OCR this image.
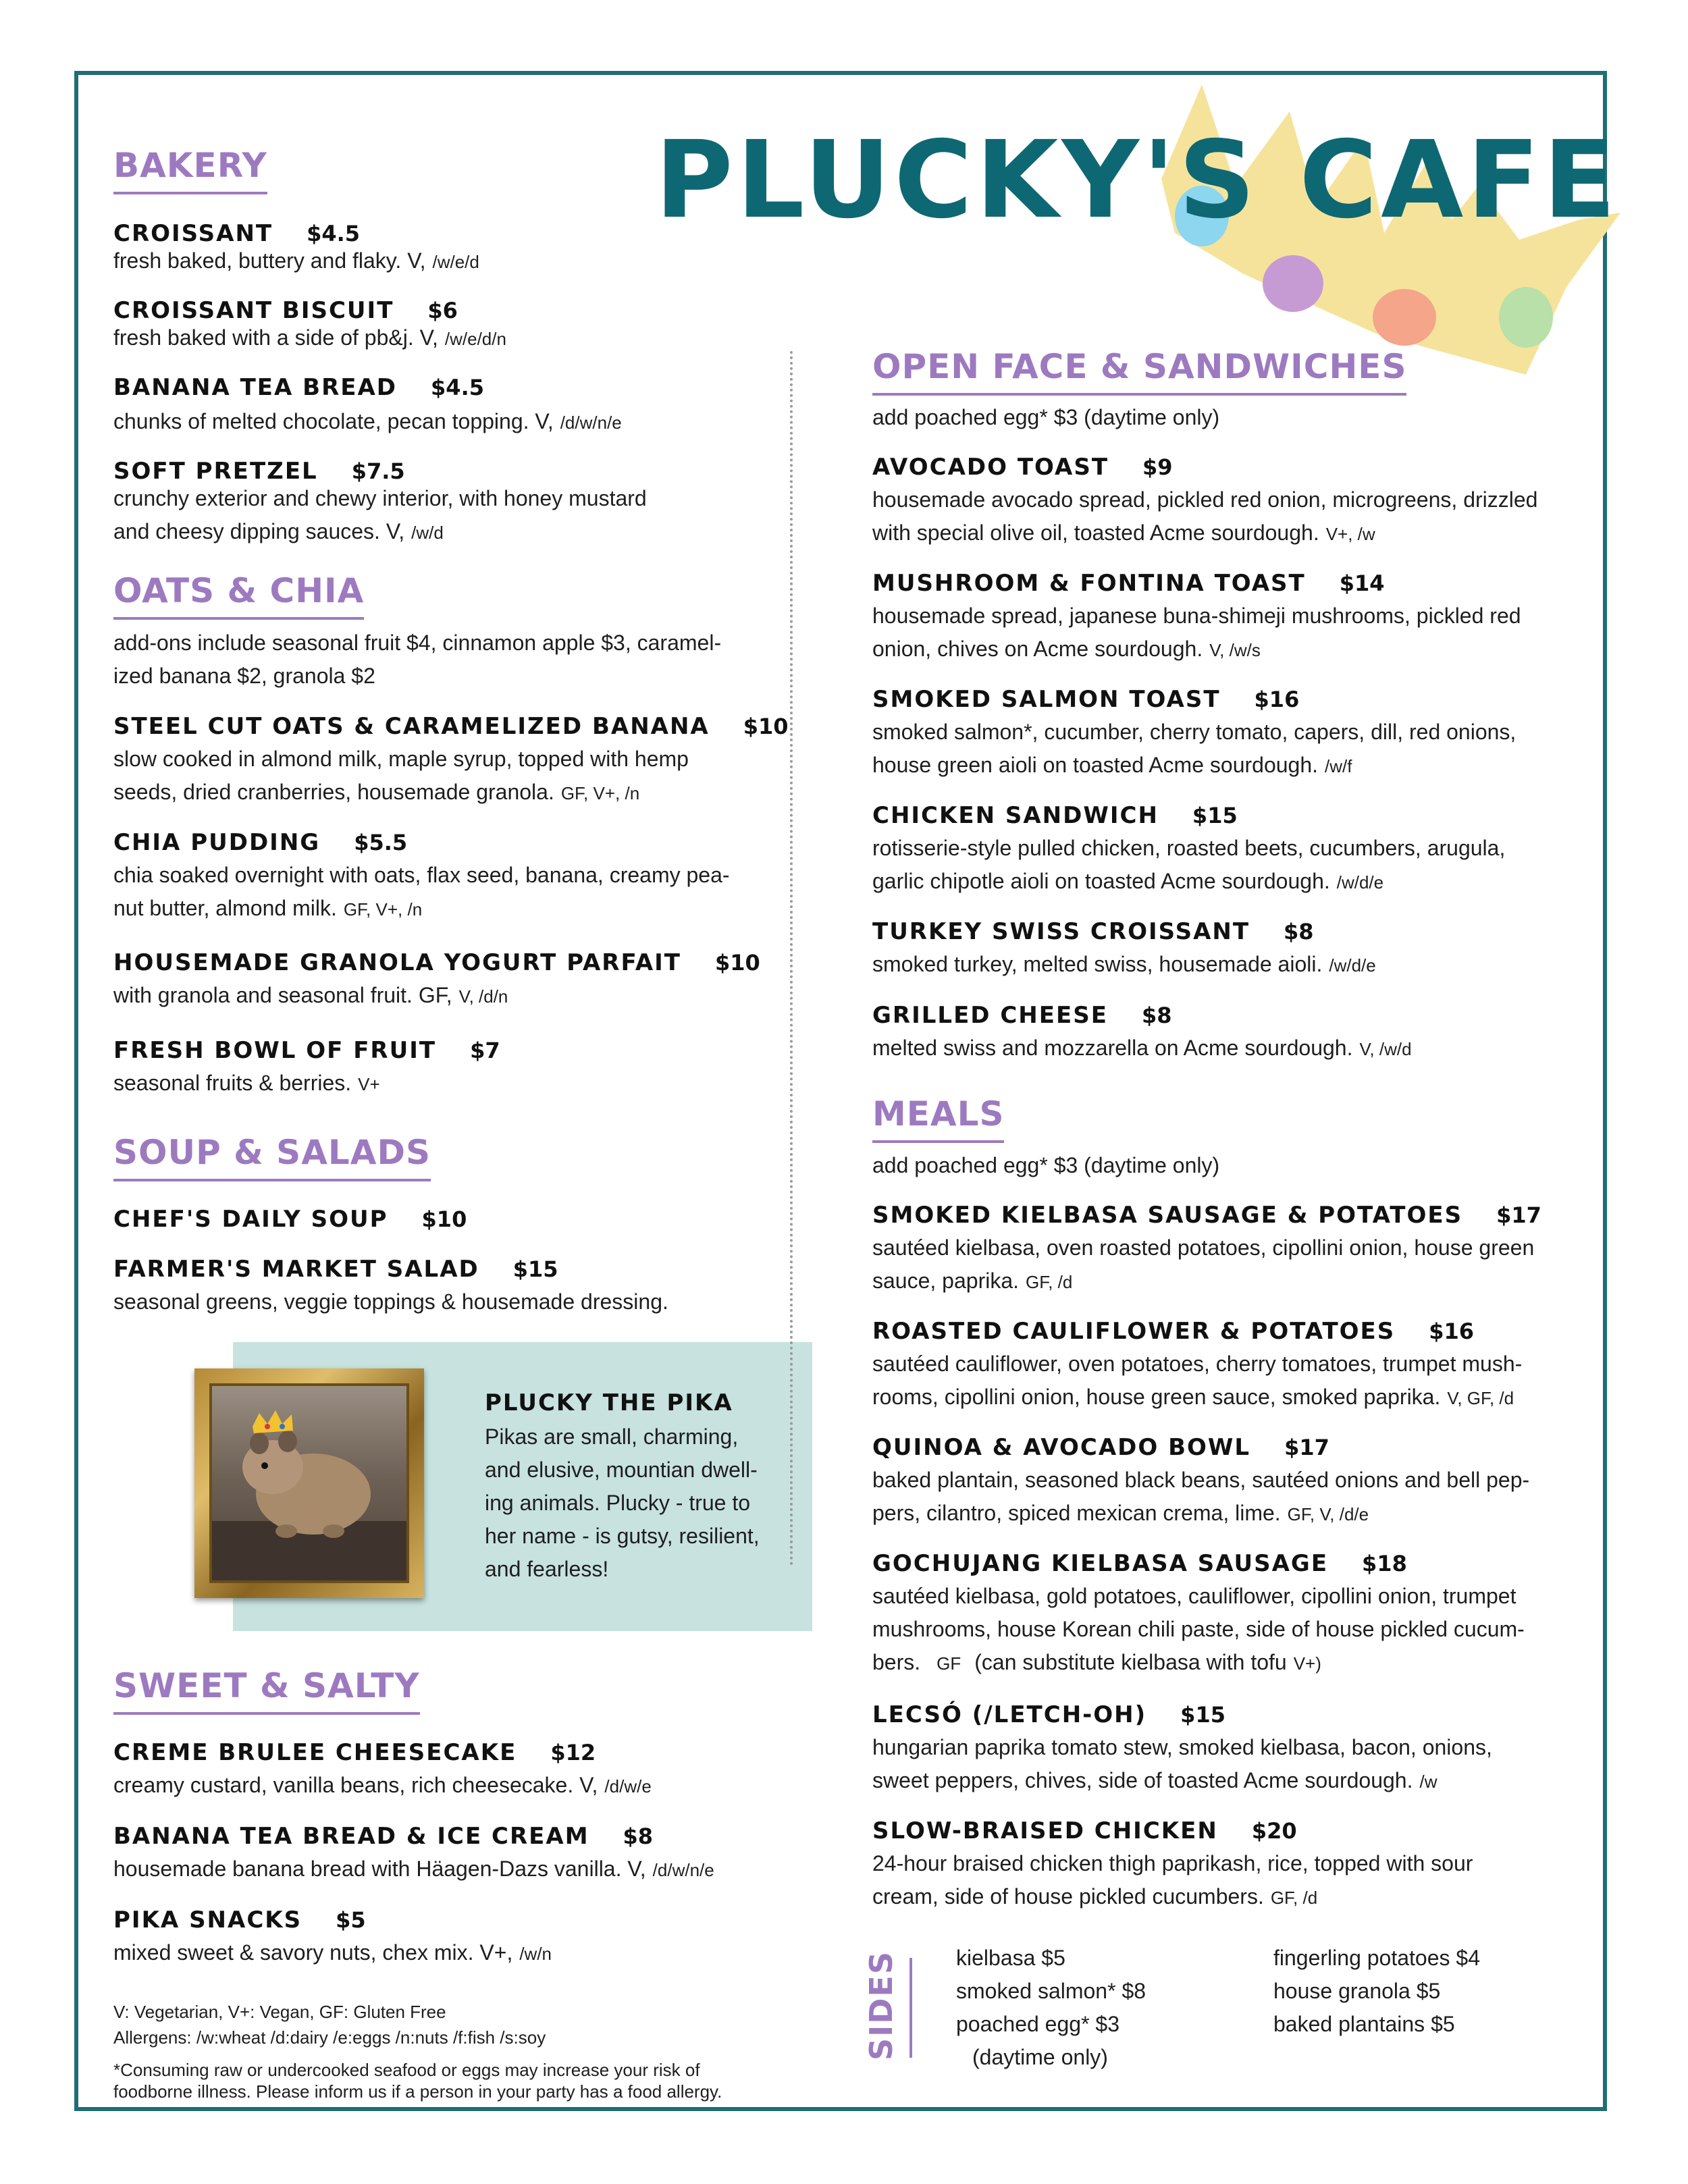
PLUCKY'S CAFE
BAKERY
CROISSANT $4.5
fresh baked, buttery and flaky. V, /w/e/d
CROISSANT BISCUIT $6
fresh baked with a side of pb&j. V, /w/e/d/n
BANANA TEA BREAD $4.5
chunks of melted chocolate, pecan topping. V, /d/w/n/e
SOFT PRETZEL $7.5
crunchy exterior and chewy interior, with honey mustard
and cheesy dipping sauces. V, /w/d
OATS & CHIA
add-ons include seasonal fruit $4, cinnamon apple $3, caramel-
ized banana $2, granola $2
STEEL CUT OATS & CARAMELIZED BANANA $10
slow cooked in almond milk, maple syrup, topped with hemp
seeds, dried cranberries, housemade granola. GF, V+, /n
CHIA PUDDING $5.5
chia soaked overnight with oats, flax seed, banana, creamy pea-
nut butter, almond milk. GF, V+, /n
HOUSEMADE GRANOLA YOGURT PARFAIT $10
with granola and seasonal fruit. GF, V, /d/n
FRESH BOWL OF FRUIT $7
seasonal fruits & berries. V+
SOUP & SALADS
CHEF'S DAILY SOUP $10
FARMER'S MARKET SALAD $15
seasonal greens, veggie toppings & housemade dressing.
PLUCKY THE PIKA
Pikas are small, charming,
and elusive, mountian dwell-
ing animals. Plucky - true to
her name - is gutsy, resilient,
and fearless!
SWEET & SALTY
CREME BRULEE CHEESECAKE $12
creamy custard, vanilla beans, rich cheesecake. V, /d/w/e
BANANA TEA BREAD & ICE CREAM $8
housemade banana bread with Häagen-Dazs vanilla. V, /d/w/n/e
PIKA SNACKS $5
mixed sweet & savory nuts, chex mix. V+, /w/n
V: Vegetarian, V+: Vegan, GF: Gluten Free
Allergens: /w:wheat /d:dairy /e:eggs /n:nuts /f:fish /s:soy
*Consuming raw or undercooked seafood or eggs may increase your risk of
foodborne illness. Please inform us if a person in your party has a food allergy.
OPEN FACE & SANDWICHES
add poached egg* $3 (daytime only)
AVOCADO TOAST $9
housemade avocado spread, pickled red onion, microgreens, drizzled
with special olive oil, toasted Acme sourdough. V+, /w
MUSHROOM & FONTINA TOAST $14
housemade spread, japanese buna-shimeji mushrooms, pickled red
onion, chives on Acme sourdough. V, /w/s
SMOKED SALMON TOAST $16
smoked salmon*, cucumber, cherry tomato, capers, dill, red onions,
house green aioli on toasted Acme sourdough. /w/f
CHICKEN SANDWICH $15
rotisserie-style pulled chicken, roasted beets, cucumbers, arugula,
garlic chipotle aioli on toasted Acme sourdough. /w/d/e
TURKEY SWISS CROISSANT $8
smoked turkey, melted swiss, housemade aioli. /w/d/e
GRILLED CHEESE $8
melted swiss and mozzarella on Acme sourdough. V, /w/d
MEALS
add poached egg* $3 (daytime only)
SMOKED KIELBASA SAUSAGE & POTATOES $17
sautéed kielbasa, oven roasted potatoes, cipollini onion, house green
sauce, paprika. GF, /d
ROASTED CAULIFLOWER & POTATOES $16
sautéed cauliflower, oven potatoes, cherry tomatoes, trumpet mush-
rooms, cipollini onion, house green sauce, smoked paprika. V, GF, /d
QUINOA & AVOCADO BOWL $17
baked plantain, seasoned black beans, sautéed onions and bell pep-
pers, cilantro, spiced mexican crema, lime. GF, V, /d/e
GOCHUJANG KIELBASA SAUSAGE $18
sautéed kielbasa, gold potatoes, cauliflower, cipollini onion, trumpet
mushrooms, house Korean chili paste, side of house pickled cucum-
bers. GF (can substitute kielbasa with tofu V+)
LECSÓ (/LETCH-OH) $15
hungarian paprika tomato stew, smoked kielbasa, bacon, onions,
sweet peppers, chives, side of toasted Acme sourdough. /w
SLOW-BRAISED CHICKEN $20
24-hour braised chicken thigh paprikash, rice, topped with sour
cream, side of house pickled cucumbers. GF, /d
SIDES	kielbasa $5
smoked salmon* $8
poached egg* $3
(daytime only)
fingerling potatoes $4
house granola $5
baked plantains $5
